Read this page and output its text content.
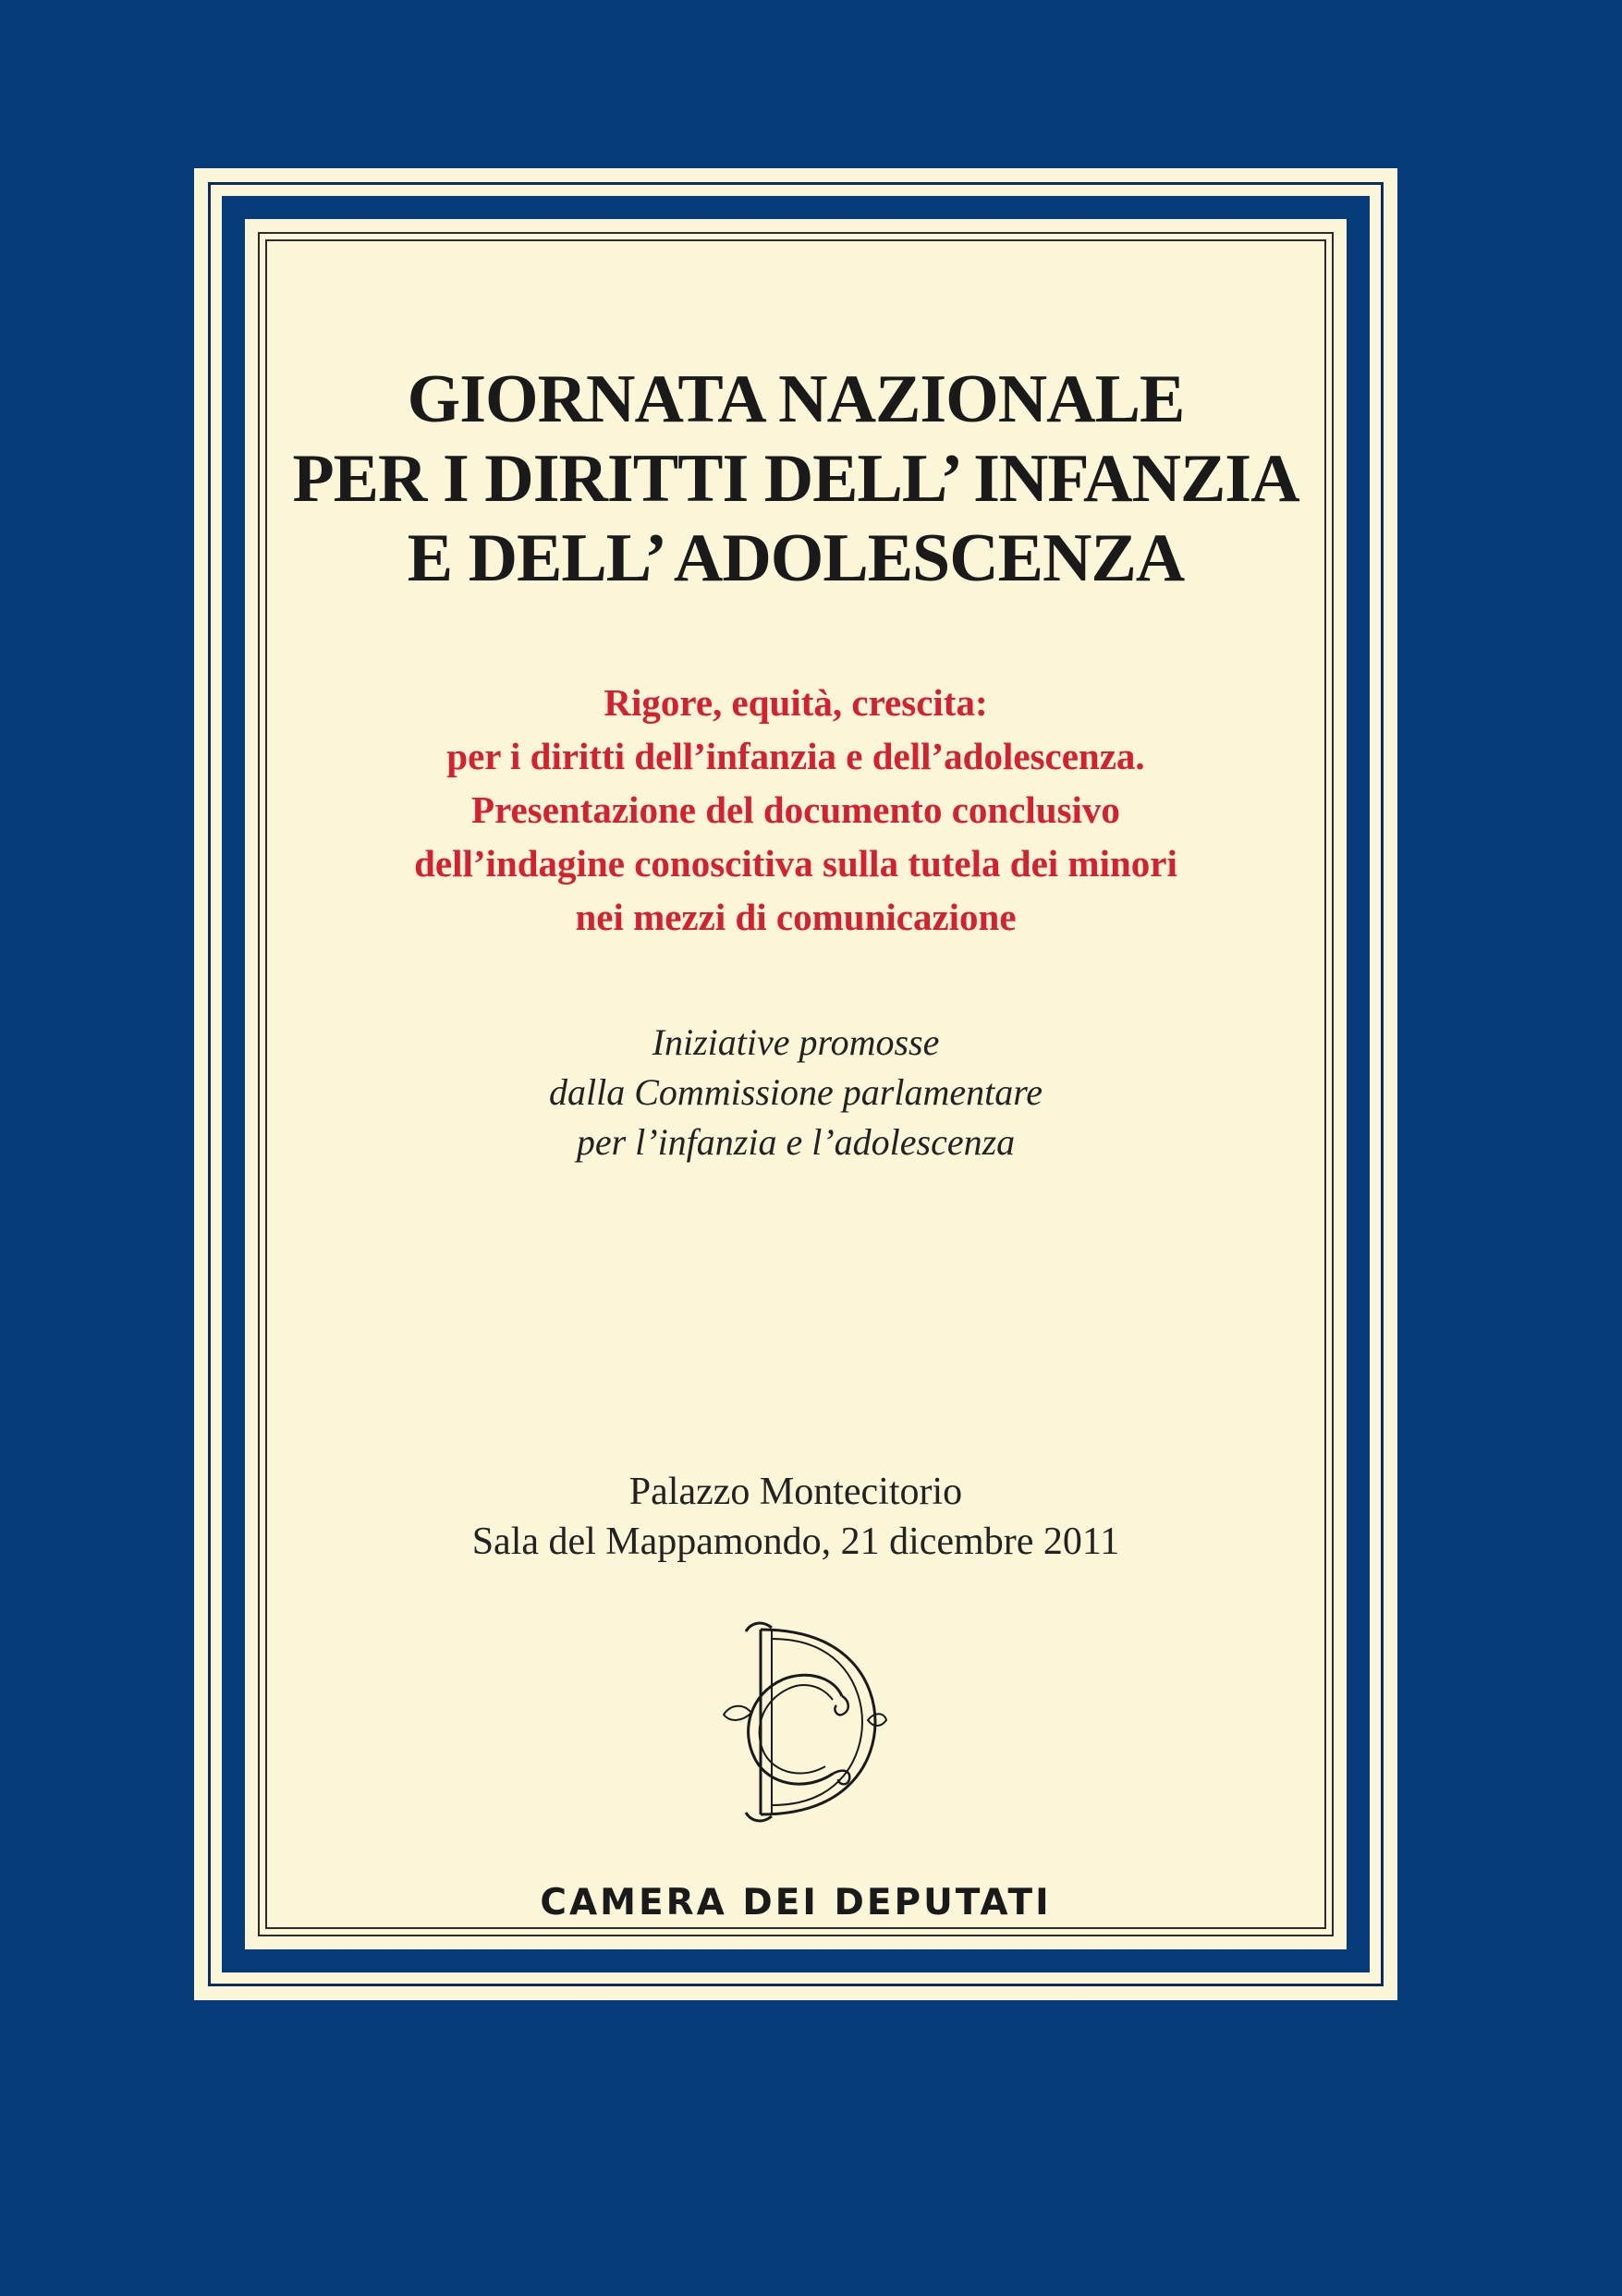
GIORNATA NAZIONALE
PER I DIRITTI DELL’ INFANZIA
E DELL’ ADOLESCENZA
Rigore, equità, crescita:
per i diritti dell’infanzia e dell’adolescenza.
Presentazione del documento conclusivo
dell’indagine conoscitiva sulla tutela dei minori
nei mezzi di comunicazione
Iniziative promosse
dalla Commissione parlamentare
per l’infanzia e l’adolescenza
Palazzo Montecitorio
Sala del Mappamondo, 21 dicembre 2011
CAMERA DEI DEPUTATI
